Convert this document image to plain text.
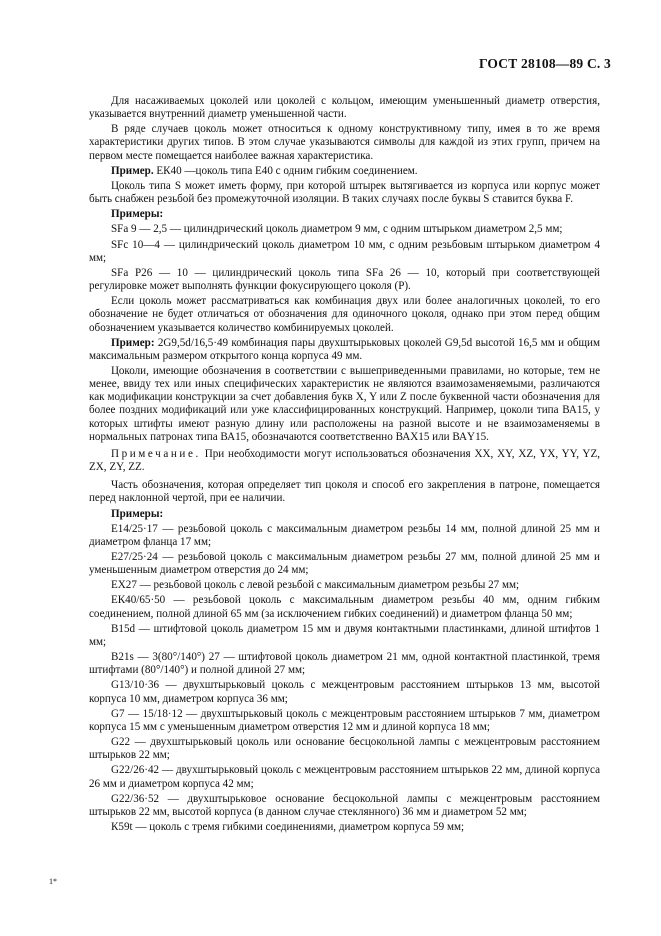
ГОСТ 28108—89 С. 3

Для насаживаемых цоколей или цоколей с кольцом, имеющим уменьшенный диаметр отверстия, указывается внутренний диаметр уменьшенной части.

В ряде случаев цоколь может относиться к одному конструктивному типу, имея в то же время характеристики других типов. В этом случае указываются символы для каждой из этих групп, причем на первом месте помещается наиболее важная характеристика.

Пример. ЕК40 —цоколь типа Е40 с одним гибким соединением.

Цоколь типа S может иметь форму, при которой штырек вытягивается из корпуса или корпус может быть снабжен резьбой без промежуточной изоляции. В таких случаях после буквы S ставится буква F.

Примеры:

SFa 9 — 2,5 — цилиндрический цоколь диаметром 9 мм, с одним штырьком диаметром 2,5 мм;

SFc 10—4 — цилиндрический цоколь диаметром 10 мм, с одним резьбовым штырьком диаметром 4 мм;

SFa P26 — 10 — цилиндрический цоколь типа SFa 26 — 10, который при соответствующей регулировке может выполнять функции фокусирующего цоколя (Р).

Если цоколь может рассматриваться как комбинация двух или более аналогичных цоколей, то его обозначение не будет отличаться от обозначения для одиночного цоколя, однако при этом перед общим обозначением указывается количество комбинируемых цоколей.

Пример: 2G9,5d/16,5·49 комбинация пары двухштырьковых цоколей G9,5d высотой 16,5 мм и общим максимальным размером открытого конца корпуса 49 мм.

Цоколи, имеющие обозначения в соответствии с вышеприведенными правилами, но которые, тем не менее, ввиду тех или иных специфических характеристик не являются взаимозаменяемыми, различаются как модификации конструкции за счет добавления букв X, Y или Z после буквенной части обозначения для более поздних модификаций или уже классифицированных конструкций. Например, цоколи типа ВА15, у которых штифты имеют разную длину или расположены на разной высоте и не взаимозаменяемы в нормальных патронах типа ВА15, обозначаются соответственно ВАХ15 или ВАY15.

Примечание. При необходимости могут использоваться обозначения XX, XY, XZ, YX, YY, YZ, ZX, ZY, ZZ.

Часть обозначения, которая определяет тип цоколя и способ его закрепления в патроне, помещается перед наклонной чертой, при ее наличии.

Примеры:

Е14/25·17 — резьбовой цоколь с максимальным диаметром резьбы 14 мм, полной длиной 25 мм и диаметром фланца 17 мм;

Е27/25·24 — резьбовой цоколь с максимальным диаметром резьбы 27 мм, полной длиной 25 мм и уменьшенным диаметром отверстия до 24 мм;

ЕХ27 — резьбовой цоколь с левой резьбой с максимальным диаметром резьбы 27 мм;

ЕК40/65·50 — резьбовой цоколь с максимальным диаметром резьбы 40 мм, одним гибким соединением, полной длиной 65 мм (за исключением гибких соединений) и диаметром фланца 50 мм;

В15d — штифтовой цоколь диаметром 15 мм и двумя контактными пластинками, длиной штифтов 1 мм;

В21s — 3(80°/140°) 27 — штифтовой цоколь диаметром 21 мм, одной контактной пластинкой, тремя штифтами (80°/140°) и полной длиной 27 мм;

G13/10·36 — двухштырьковый цоколь с межцентровым расстоянием штырьков 13 мм, высотой корпуса 10 мм, диаметром корпуса 36 мм;

G7 — 15/18·12 — двухштырьковый цоколь с межцентровым расстоянием штырьков 7 мм, диаметром корпуса 15 мм с уменьшенным диаметром отверстия 12 мм и длиной корпуса 18 мм;

G22 — двухштырьковый цоколь или основание бесцокольной лампы с межцентровым расстоянием штырьков 22 мм;

G22/26·42 — двухштырьковый цоколь с межцентровым расстоянием штырьков 22 мм, длиной корпуса 26 мм и диаметром корпуса 42 мм;

G22/36·52 — двухштырьковое основание бесцокольной лампы с межцентровым расстоянием штырьков 22 мм, высотой корпуса (в данном случае стеклянного) 36 мм и диаметром 52 мм;

К59t — цоколь с тремя гибкими соединениями, диаметром корпуса 59 мм;

1*
